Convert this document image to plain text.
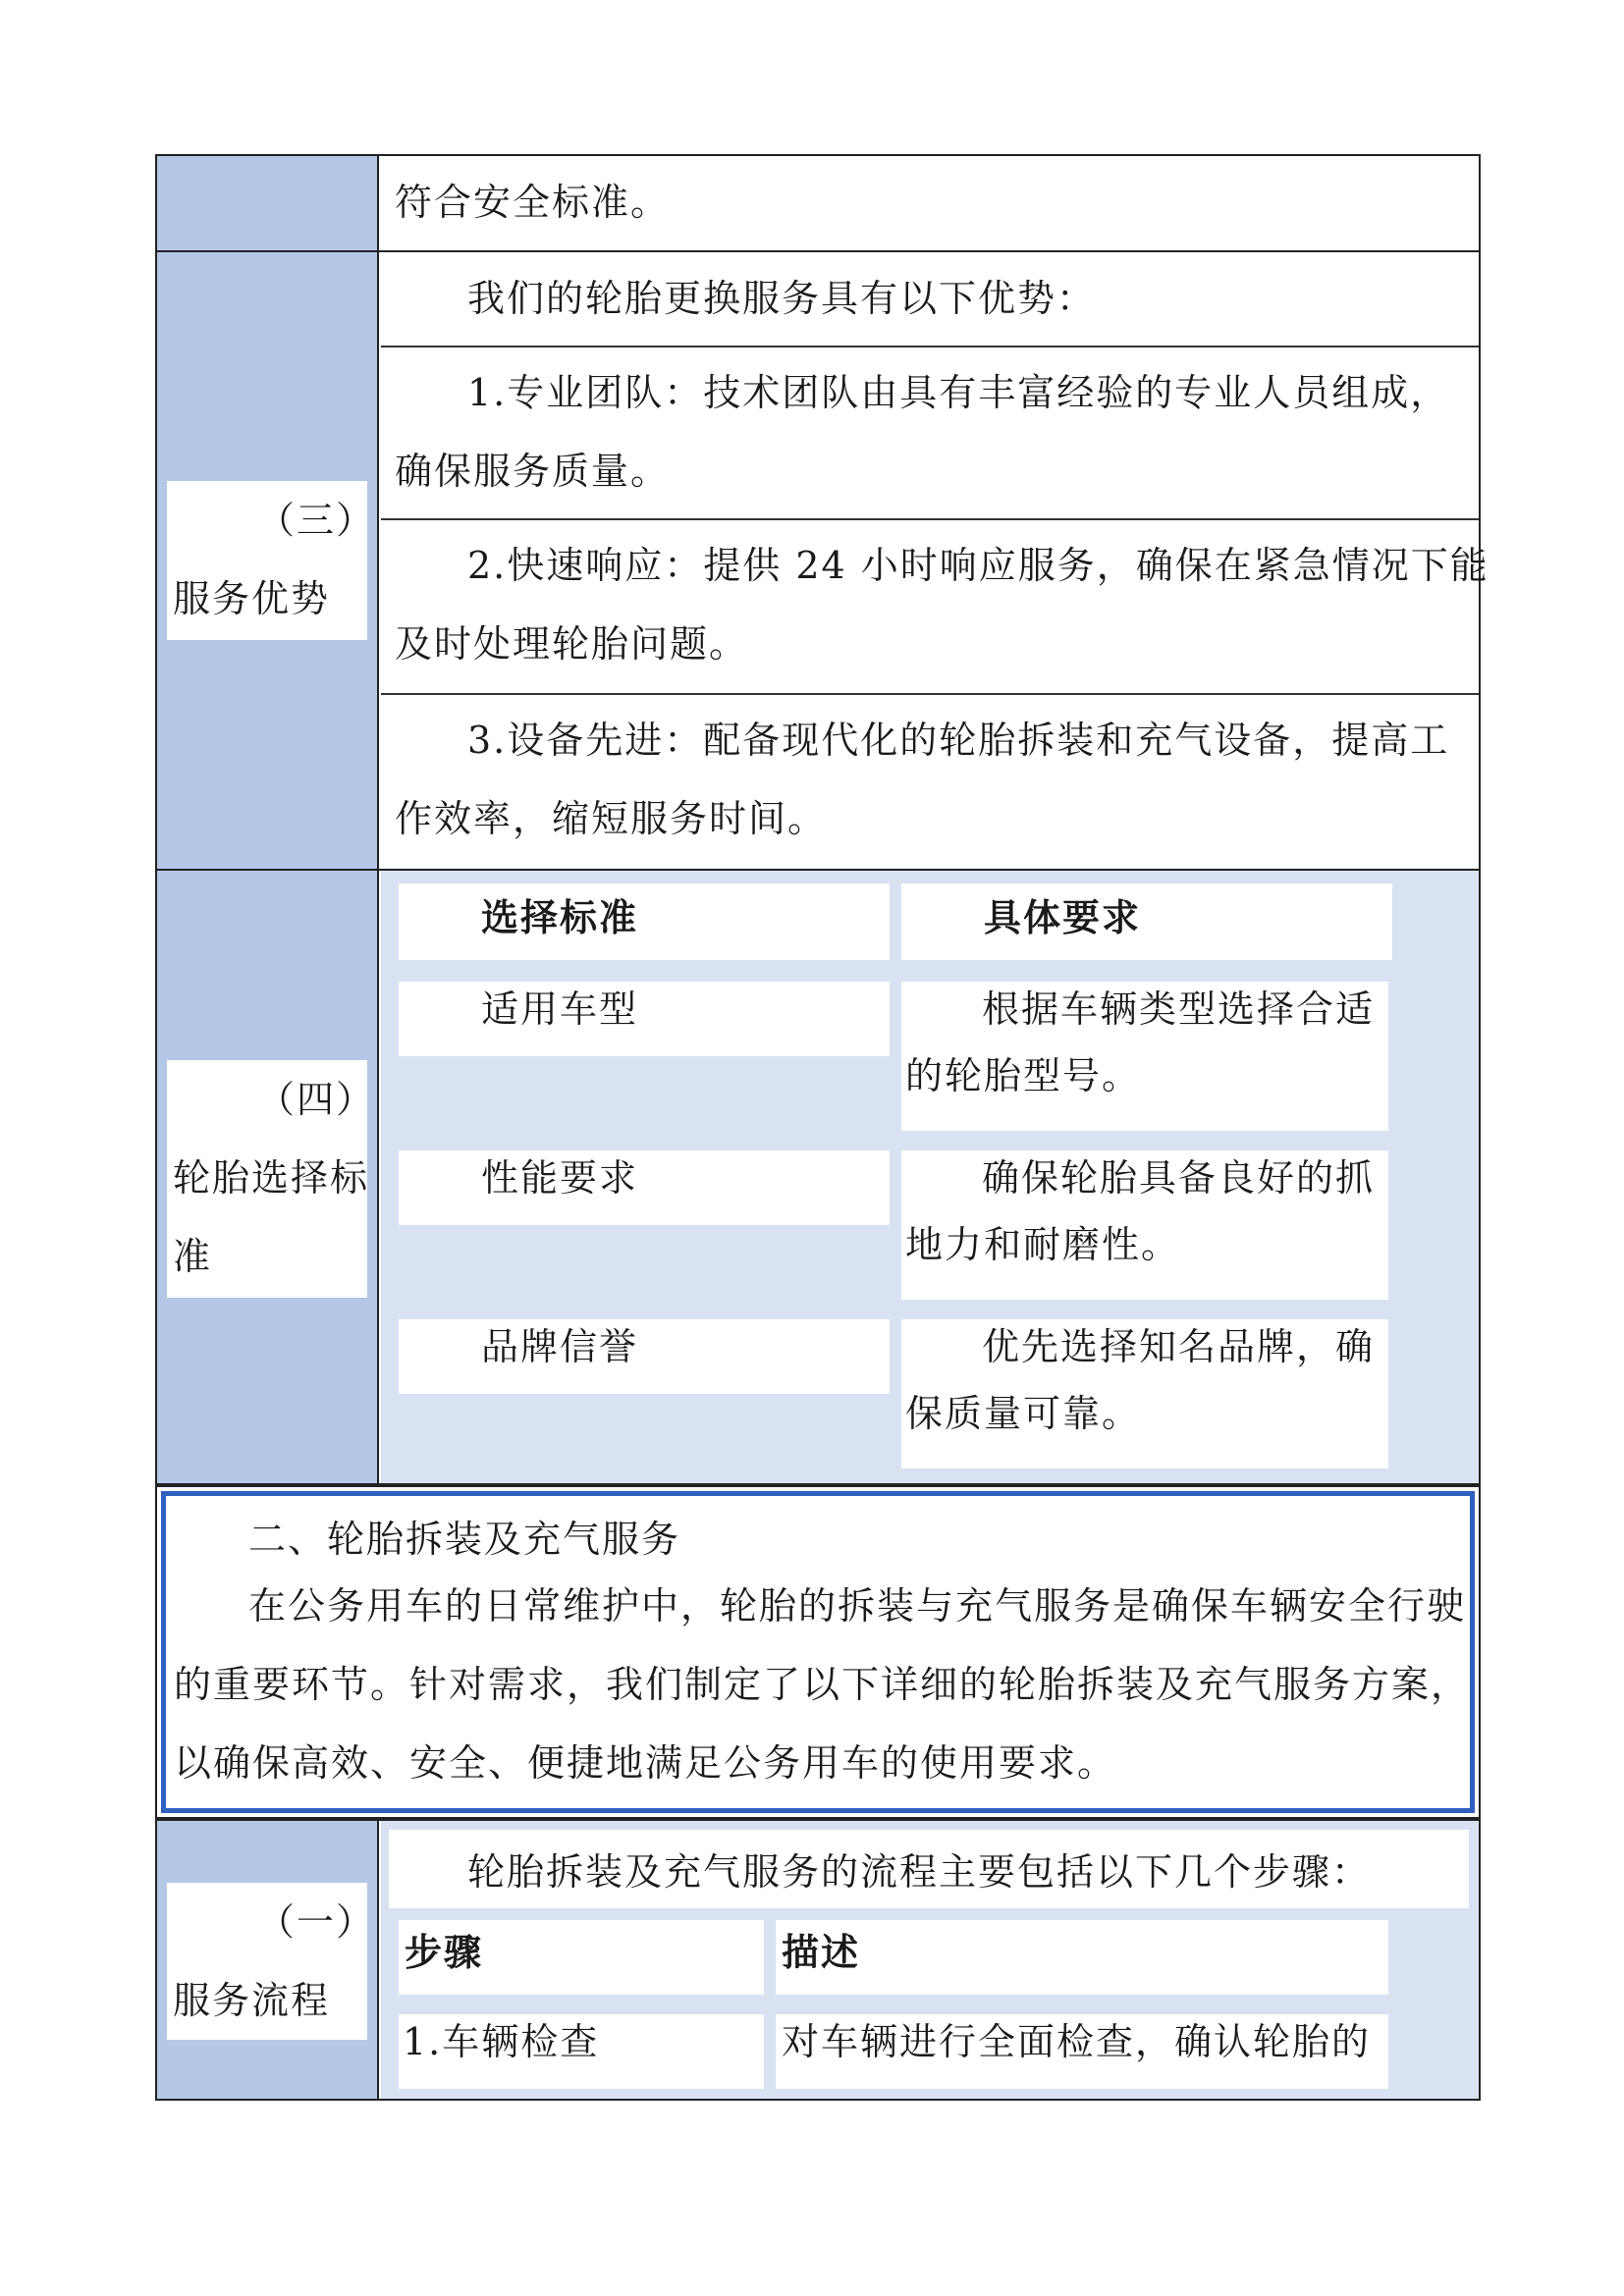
符合安全标准。
（三）
服务优势
我们的轮胎更换服务具有以下优势：
1.专业团队：技术团队由具有丰富经验的专业人员组成，
确保服务质量。
2.快速响应：提供 24 小时响应服务，确保在紧急情况下能
及时处理轮胎问题。
3.设备先进：配备现代化的轮胎拆装和充气设备，提高工
作效率，缩短服务时间。
（四）
轮胎选择标
准
选择标准	具体要求
适用车型	根据车辆类型选择合适
的轮胎型号。
性能要求	确保轮胎具备良好的抓
地力和耐磨性。
品牌信誉	优先选择知名品牌，确
保质量可靠。
二、轮胎拆装及充气服务
在公务用车的日常维护中，轮胎的拆装与充气服务是确保车辆安全行驶
的重要环节。针对需求，我们制定了以下详细的轮胎拆装及充气服务方案，
以确保高效、安全、便捷地满足公务用车的使用要求。
（一）
服务流程
轮胎拆装及充气服务的流程主要包括以下几个步骤：
步骤	描述
1.车辆检查	对车辆进行全面检查，确认轮胎的
